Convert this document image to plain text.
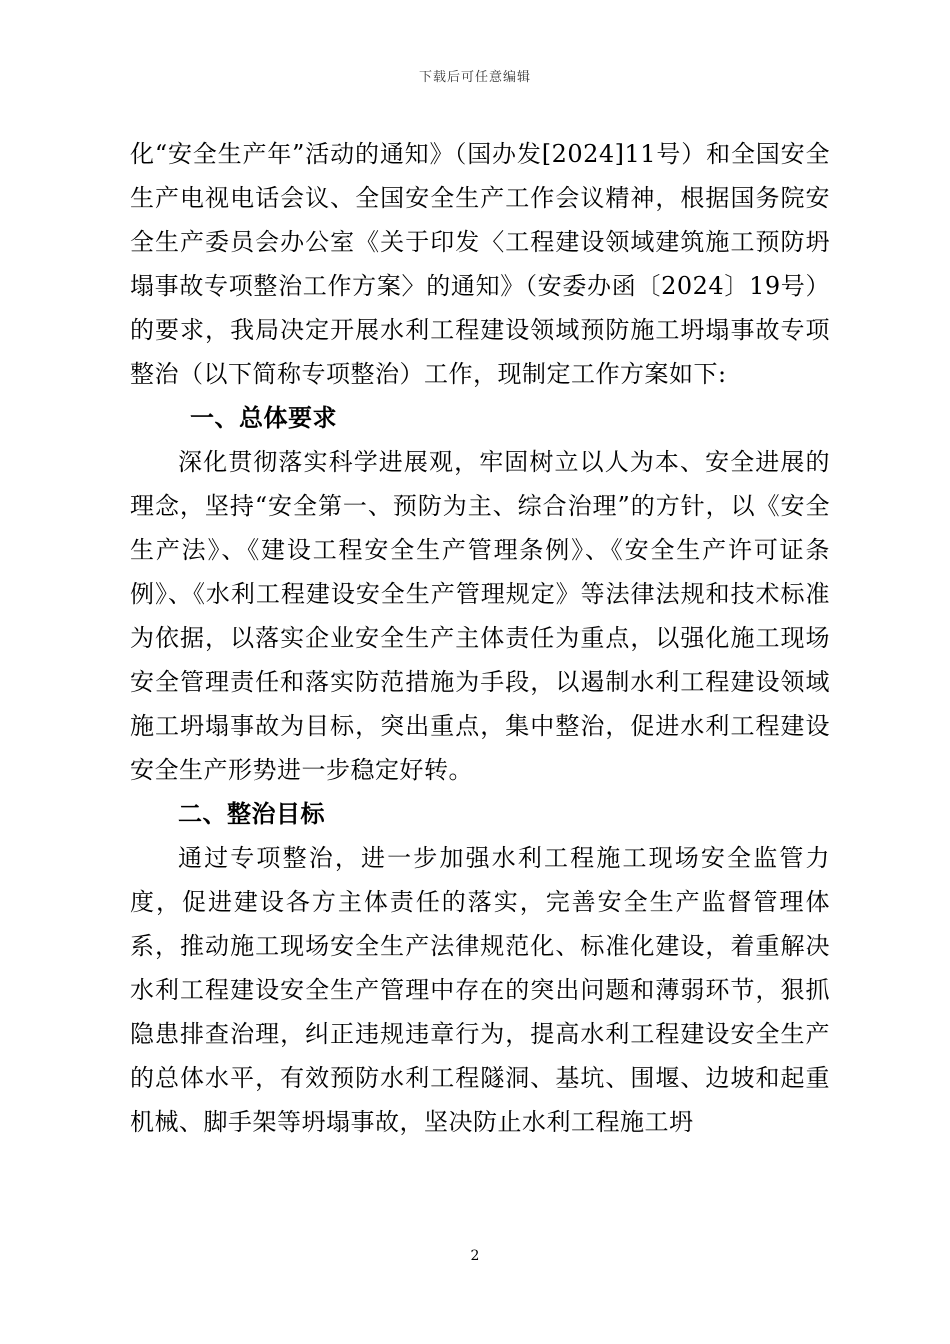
下载后可任意编辑

化“安全生产年”活动的通知》（国办发[2024]11号）和全国安全生产电视电话会议、全国安全生产工作会议精神，根据国务院安全生产委员会办公室《关于印发〈工程建设领域建筑施工预防坍塌事故专项整治工作方案〉的通知》（安委办函〔2024〕19号）的要求，我局决定开展水利工程建设领域预防施工坍塌事故专项整治（以下简称专项整治）工作，现制定工作方案如下:

一、总体要求

深化贯彻落实科学进展观，牢固树立以人为本、安全进展的理念，坚持“安全第一、预防为主、综合治理”的方针，以《安全生产法》、《建设工程安全生产管理条例》、《安全生产许可证条例》、《水利工程建设安全生产管理规定》等法律法规和技术标准为依据，以落实企业安全生产主体责任为重点，以强化施工现场安全管理责任和落实防范措施为手段，以遏制水利工程建设领域施工坍塌事故为目标，突出重点，集中整治，促进水利工程建设安全生产形势进一步稳定好转。

二、整治目标

通过专项整治，进一步加强水利工程施工现场安全监管力度，促进建设各方主体责任的落实，完善安全生产监督管理体系，推动施工现场安全生产法律规范化、标准化建设，着重解决水利工程建设安全生产管理中存在的突出问题和薄弱环节，狠抓隐患排查治理，纠正违规违章行为，提高水利工程建设安全生产的总体水平，有效预防水利工程隧洞、基坑、围堰、边坡和起重机械、脚手架等坍塌事故，坚决防止水利工程施工坍

2
